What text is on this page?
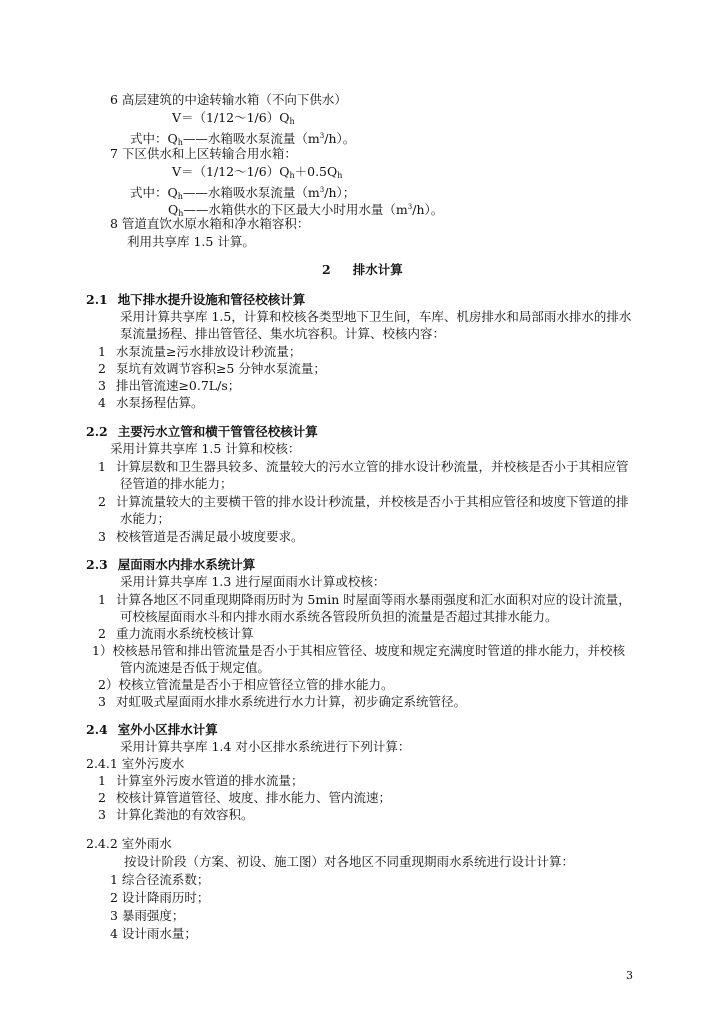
6 高层建筑的中途转输水箱（不向下供水）
$V=(1/12\sim 1/6)Q_h$
式中：$Q_h——$水箱吸水泵流量$(m^3/h)$。
7 下区供水和上区转输合用水箱：
$V=(1/12\sim 1/6)Q_h+0.5Q_h$
式中：$Q_h——$水箱吸水泵流量$(m^3/h)$；
$Q_h——$水箱供水的下区最大小时用水量$(m^3/h)$。
8 管道直饮水原水箱和净水箱容积：
利用共享库 1.5 计算。
2 排水计算
2.1 地下排水提升设施和管径校核计算
采用计算共享库 1.5，计算和校核各类型地下卫生间，车库、机房排水和局部雨水排水的排水
泵流量扬程、排出管管径、集水坑容积。计算、校核内容：
1 水泵流量≥污水排放设计秒流量；
2 泵坑有效调节容积≥5 分钟水泵流量；
3 排出管流速≥0.7L/s；
4 水泵扬程估算。
2.2 主要污水立管和横干管管径校核计算
采用计算共享库 1.5 计算和校核：
1 计算层数和卫生器具较多、流量较大的污水立管的排水设计秒流量，并校核是否小于其相应管
径管道的排水能力；
2 计算流量较大的主要横干管的排水设计秒流量，并校核是否小于其相应管径和坡度下管道的排
水能力；
3 校核管道是否满足最小坡度要求。
2.3 屋面雨水内排水系统计算
采用计算共享库 1.3 进行屋面雨水计算或校核：
1 计算各地区不同重现期降雨历时为 5min 时屋面等雨水暴雨强度和汇水面积对应的设计流量，
可校核屋面雨水斗和内排水雨水系统各管段所负担的流量是否超过其排水能力。
2 重力流雨水系统校核计算
1）校核悬吊管和排出管流量是否小于其相应管径、坡度和规定充满度时管道的排水能力，并校核
管内流速是否低于规定值。
2）校核立管流量是否小于相应管径立管的排水能力。
3 对虹吸式屋面雨水排水系统进行水力计算，初步确定系统管径。
2.4 室外小区排水计算
采用计算共享库 1.4 对小区排水系统进行下列计算：
2.4.1 室外污废水
1 计算室外污废水管道的排水流量；
2 校核计算管道管径、坡度、排水能力、管内流速；
3 计算化粪池的有效容积。
2.4.2 室外雨水
按设计阶段（方案、初设、施工图）对各地区不同重现期雨水系统进行设计计算：
1 综合径流系数；
2 设计降雨历时；
3 暴雨强度；
4 设计雨水量；
3
